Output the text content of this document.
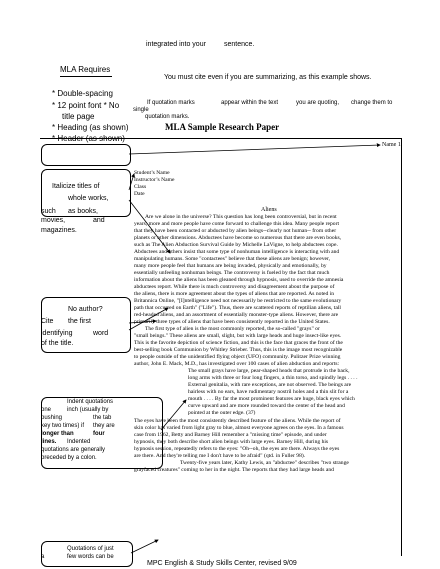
integrated into your	sentence.
MLA Requires
You must cite even if you are summarizing, as this example shows.
* Double-spacing
* 12 point font * No
title page
* Heading (as shown)
If quotation marks	appear within the text	you are quoting, change them to
single
quotation marks.
MLA Sample Research Paper
Name 1
Student’s Name
Instructor’s Name
Class
Date
Aliens
Are we alone in the universe? This question has long been controversial, but in recent
years, more and more people have come forward to challenge this idea. Many people report
that they have been contacted or abducted by alien beings--clearly not human-- from other
planets or other dimensions. Abductees have become so numerous that there are even books,
such as The Alien Abduction Survival Guide by Michelle LaVigne, to help abductees cope.
Abductees and others insist that some type of nonhuman intelligence is interacting with and
manipulating humans. Some "contactees" believe that these aliens are benign; however,
many more people feel that humans are being invaded, physically and emotionally, by
essentially unfeeling nonhuman beings. The controversy is fueled by the fact that much
information about the aliens has been gleaned through hypnosis, used to override the amnesia
abductees report. While there is much controversy and disagreement about the purpose of
the aliens, there is more agreement about the types of aliens that are reported. As noted in
Britannica Online, "[I]ntelligence need not necessarily be restricted to the same evolutionary
path that occurred on Earth" ("Life"). Thus, there are scattered reports of reptilian aliens, tall
red-headed aliens, and an assortment of essentially monster-type aliens. However, there are
primarily three types of aliens that have been consistently reported in the United States.
The first type of alien is the most commonly reported, the so-called "grays" or
"small beings." These aliens are small, slight, but with large heads and huge insect-like eyes.
This is the favorite depiction of science fiction, and this is the face that graces the front of the
best-selling book Communion by Whitley Strieber. Thus, this is the image most recognizable
to people outside of the unidentified flying object (UFO) community. Pulitzer Prize winning
author, John E. Mack, M.D., has investigated over 100 cases of alien abduction and reports:
The small grays have large, pear-shaped heads that protrude in the back,
long arms with three or four long fingers, a thin torso, and spindly legs . . . .
External genitalia, with rare exceptions, are not observed. The beings are
hairless with no ears, have rudimentary nostril holes and a thin slit for a
mouth . . . . By far the most prominent features are huge, black eyes which
curve upward and are more rounded toward the center of the head and
pointed at the outer edge. (37)
The eyes have been the most consistently described feature of the aliens. While the report of
skin color has varied from light gray to blue, almost everyone agrees on the eyes. In a famous
case from 1962, Betty and Barney Hill remember a "missing time" episode, and under
hypnosis, they both describe short alien beings with large eyes. Barney Hill, during his
hypnosis session, repeatedly refers to the eyes: "Oh--oh, the eyes are there. Always the eyes
are there. And they're telling me I don't have to be afraid" (qtd. in Fuller 98).
Twenty-five years later, Kathy Lewis, an "abductee" describes "two strange
grayfaced creatures" coming to her in the night. The reports that they had large heads and
Italicize titles of
whole works,
such as books,
movies,	and
magazines.
No author?
Cite the first
identifying	word
of the title.
Indent quotations
one	inch (usually by
pushing	the tab
key two times) if they are
longer than	four
lines. Indented
quotations are generally
preceded by a colon.
Quotations of just
a	few words can be
MPC English & Study Skills Center, revised 9/09
